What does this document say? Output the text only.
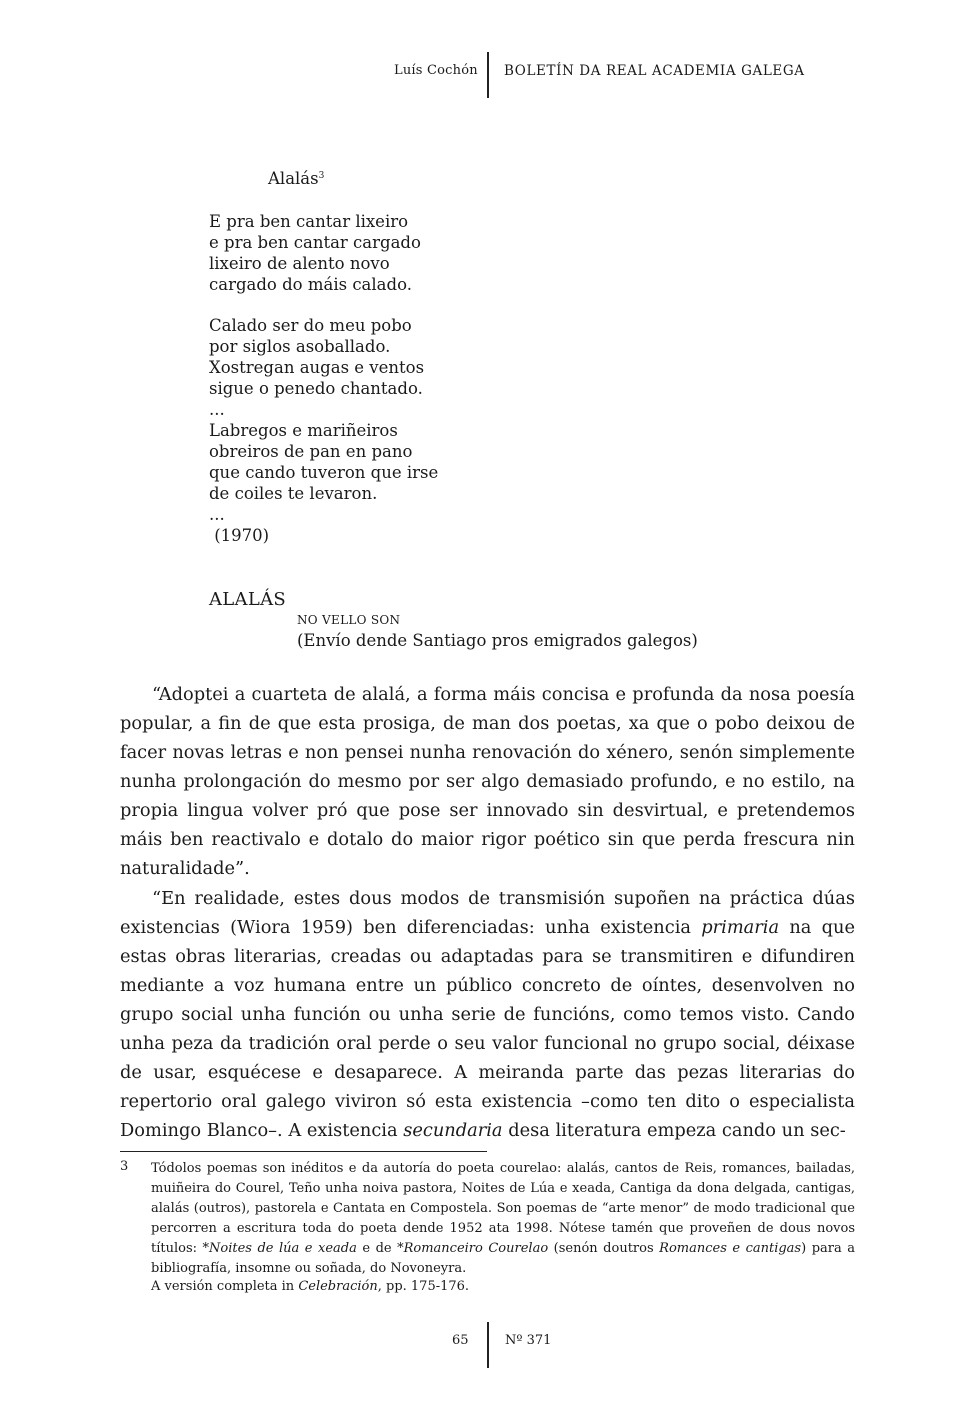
Luís Cochón BOLETÍN DA REAL ACADEMIA GALEGA
Alalás$^3$
E pra ben cantar lixeiro
e pra ben cantar cargado
lixeiro de alento novo
cargado do máis calado.
Calado ser do meu pobo
por siglos asoballado.
Xostregan augas e ventos
sigue o penedo chantado.
...
Labregos e mariñeiros
obreiros de pan en pano
que cando tuveron que irse
de coiles te levaron.
...
(1970)
ALALÁS
NO VELLO SON
(Envío dende Santiago pros emigrados galegos)

“Adoptei a cuarteta de alalá, a forma máis concisa e profunda da nosa poesía popular, a fin de que esta prosiga, de man dos poetas, xa que o pobo deixou de facer novas letras e non pensei nunha renovación do xénero, senón simplemente nunha prolongación do mesmo por ser algo demasiado profundo, e no estilo, na propia lingua volver pró que pose ser innovado sin desvirtual, e pretendemos máis ben reactivalo e dotalo do maior rigor poético sin que perda frescura nin naturalidade”.

“En realidade, estes dous modos de transmisión supoñen na práctica dúas existencias (Wiora 1959) ben diferenciadas: unha existencia primaria na que estas obras literarias, creadas ou adaptadas para se transmitiren e difundiren mediante a voz humana entre un público concreto de oíntes, desenvolven no grupo social unha función ou unha serie de funcións, como temos visto. Cando unha peza da tradición oral perde o seu valor funcional no grupo social, déixase de usar, esquécese e desaparece. A meiranda parte das pezas literarias do repertorio oral galego viviron só esta existencia –como ten dito o especialista Domingo Blanco–. A existencia secundaria desa literatura empeza cando un sec-

3 Tódolos poemas son inéditos e da autoría do poeta courelao: alalás, cantos de Reis, romances, bailadas, muiñeira do Courel, Teño unha noiva pastora, Noites de Lúa e xeada, Cantiga da dona delgada, cantigas, alalás (outros), pastorela e Cantata en Compostela. Son poemas de “arte menor” de modo tradicional que percorren a escritura toda do poeta dende 1952 ata 1998. Nótese tamén que proveñen de dous novos títulos: *Noites de lúa e xeada e de *Romanceiro Courelao (senón doutros Romances e cantigas) para a bibliografía, insomne ou soñada, do Novoneyra.
A versión completa in Celebración, pp. 175-176.
65	Nº 371
